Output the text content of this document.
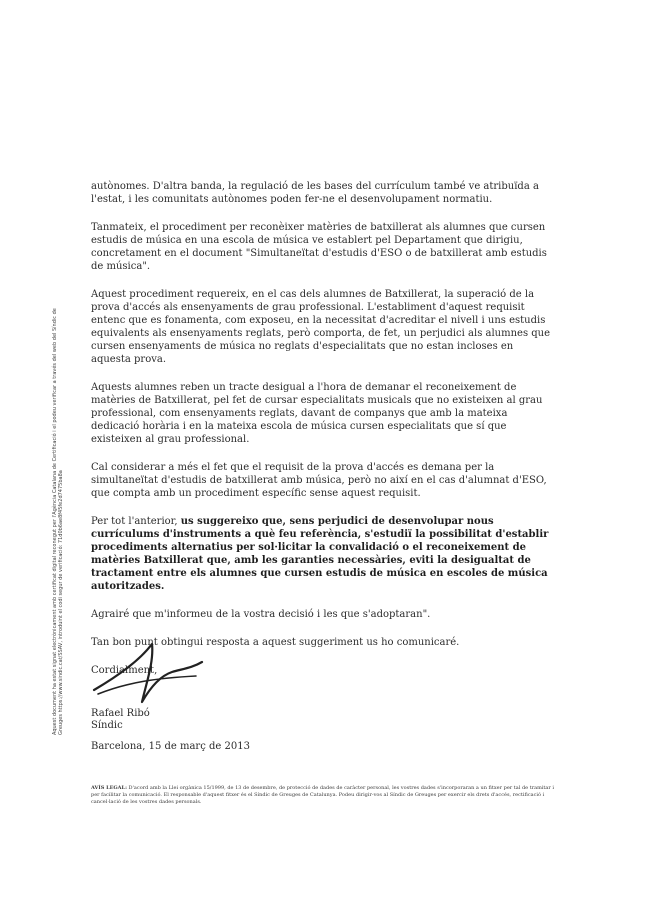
autònomes. D'altra banda, la regulació de les bases del currículum també ve atribuïda a l'estat, i les comunitats autònomes poden fer-ne el desenvolupament normatiu.

Tanmateix, el procediment per reconèixer matèries de batxillerat als alumnes que cursen estudis de música en una escola de música ve establert pel Departament que dirigiu, concretament en el document "Simultaneïtat d'estudis d'ESO o de batxillerat amb estudis de música".

Aquest procediment requereix, en el cas dels alumnes de Batxillerat, la superació de la prova d'accés als ensenyaments de grau professional. L'establiment d'aquest requisit entenc que es fonamenta, com exposeu, en la necessitat d'acreditar el nivell i uns estudis equivalents als ensenyaments reglats, però comporta, de fet, un perjudici als alumnes que cursen ensenyaments de música no reglats d'especialitats que no estan incloses en aquesta prova.

Aquests alumnes reben un tracte desigual a l'hora de demanar el reconeixement de matèries de Batxillerat, pel fet de cursar especialitats musicals que no existeixen al grau professional, com ensenyaments reglats, davant de companys que amb la mateixa dedicació horària i en la mateixa escola de música cursen especialitats que sí que existeixen al grau professional.

Cal considerar a més el fet que el requisit de la prova d'accés es demana per la simultaneïtat d'estudis de batxillerat amb música, però no així en el cas d'alumnat d'ESO, que compta amb un procediment específic sense aquest requisit.

Per tot l'anterior, us suggereixo que, sens perjudici de desenvolupar nous currículums d'instruments a què feu referència, s'estudiï la possibilitat d'establir procediments alternatius per sol·licitar la convalidació o el reconeixement de matèries Batxillerat que, amb les garanties necessàries, eviti la desigualtat de tractament entre els alumnes que cursen estudis de música en escoles de música autoritzades.

Agrairé que m'informeu de la vostra decisió i les que s'adoptaran".

Tan bon punt obtingui resposta a aquest suggeriment us ho comunicaré.

Cordialment,

Rafael Ribó
Síndic
Barcelona, 15 de març de 2013
AVÍS LEGAL: D'acord amb la Llei orgànica 15/1999, de 13 de desembre, de protecció de dades de caràcter personal, les vostres dades s'incorporaran a un fitxer per tal de tramitar i per facilitar la comunicació. El responsable d'aquest fitxer és el Síndic de Greuges de Catalunya. Podeu dirigir-vos al Síndic de Greuges per exercir els drets d'accés, rectificació i cancel·lació de les vostres dades personals.
Aquest document ha estat signat electrònicament amb certificat digital reconegut per l'Agència Catalana de Certificació i el podeu verificar a través del web del Síndic de Greuges https://www.sindic.cat/SSAV, introduint el codi segur de verificació: 71d0b6ae8f45fe2d7475ba8a
